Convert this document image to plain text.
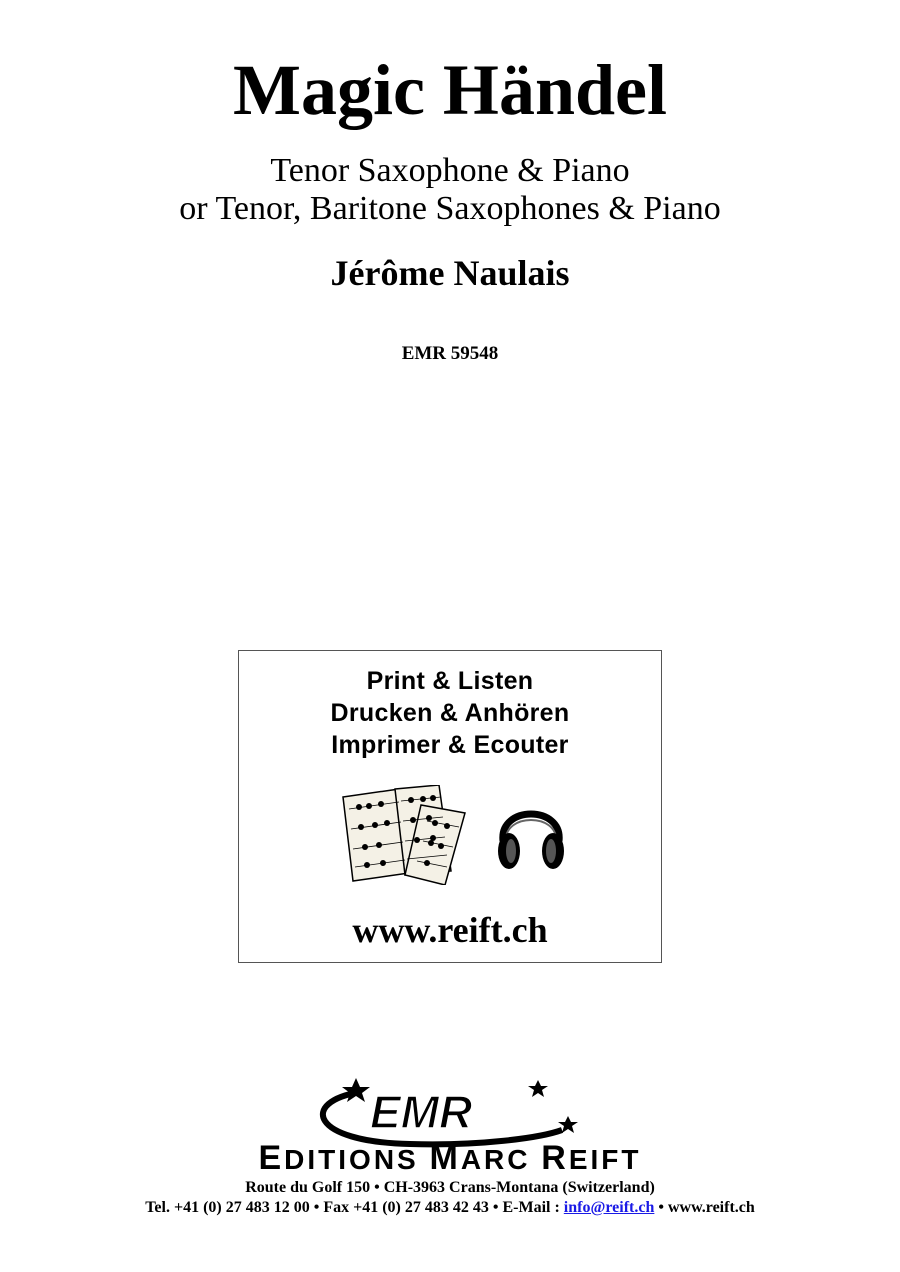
Magic Händel
Tenor Saxophone & Piano
or Tenor, Baritone Saxophones & Piano
Jérôme Naulais
EMR 59548
Print & Listen
Drucken & Anhören
Imprimer & Ecouter
www.reift.ch
EMR
EDITIONS MARC REIFT
Route du Golf 150 • CH-3963 Crans-Montana (Switzerland)
Tel. +41 (0) 27 483 12 00 • Fax +41 (0) 27 483 42 43 • E-Mail : info@reift.ch • www.reift.ch
